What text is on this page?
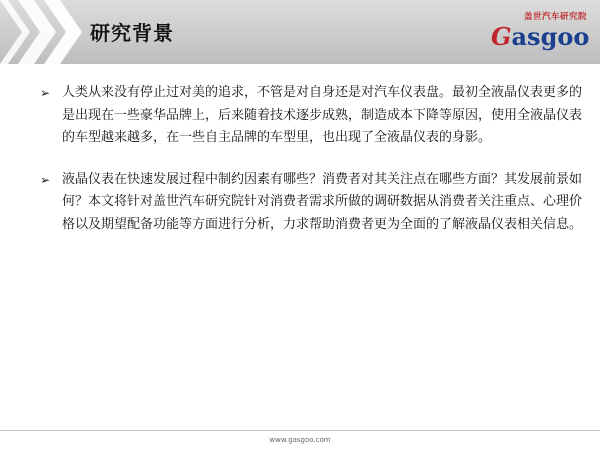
研究背景
盖世汽车研究院
Gasgoo
➢ 人类从来没有停止过对美的追求，不管是对自身还是对汽车仪表盘。最初全液晶仪表更多的是出现在一些豪华品牌上，后来随着技术逐步成熟，制造成本下降等原因，使用全液晶仪表的车型越来越多，在一些自主品牌的车型里，也出现了全液晶仪表的身影。
➢ 液晶仪表在快速发展过程中制约因素有哪些？消费者对其关注点在哪些方面？其发展前景如何？本文将针对盖世汽车研究院针对消费者需求所做的调研数据从消费者关注重点、心理价格以及期望配备功能等方面进行分析，力求帮助消费者更为全面的了解液晶仪表相关信息。
www.gasgoo.com
